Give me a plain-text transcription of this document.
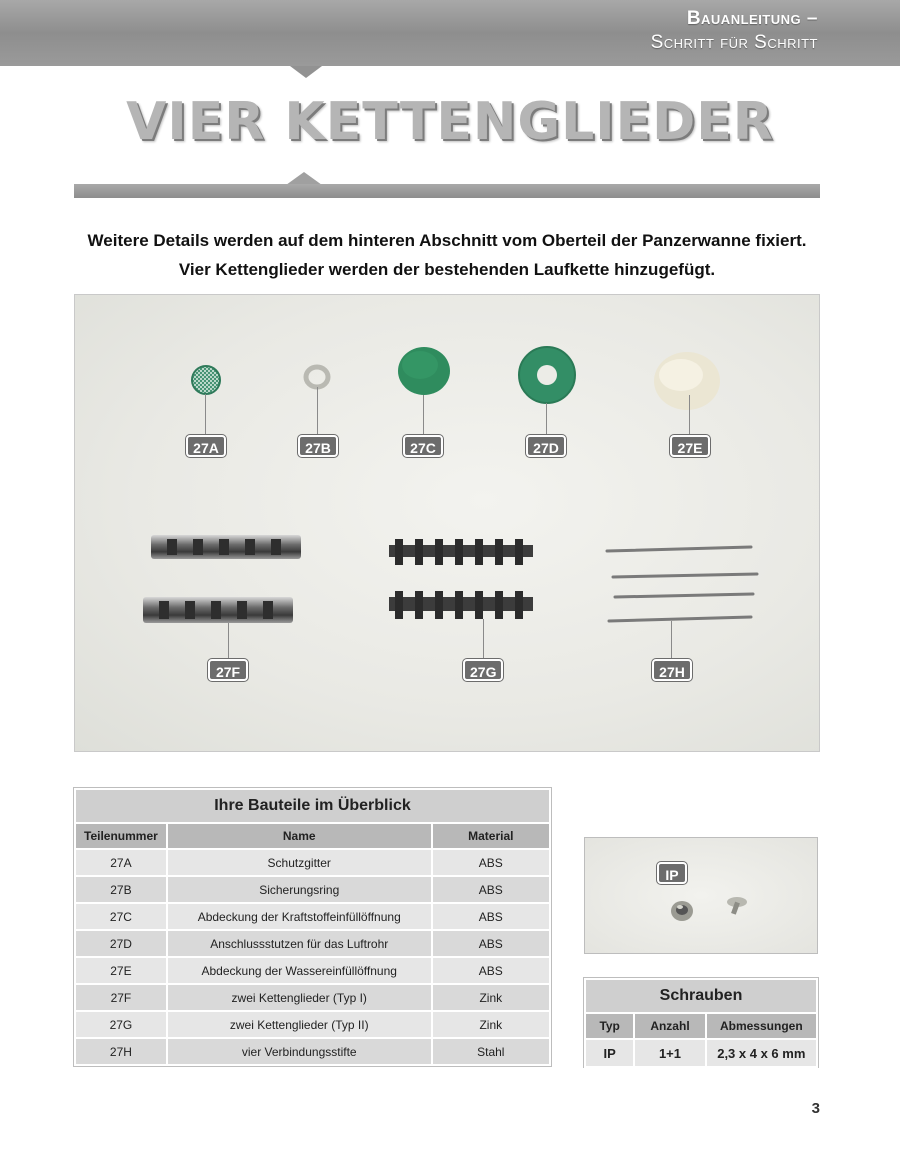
Bauanleitung –
Schritt für Schritt
VIER KETTENGLIEDER

Weitere Details werden auf dem hinteren Abschnitt vom Oberteil der Panzerwanne fixiert. Vier Kettenglieder werden der bestehenden Laufkette hinzugefügt.

27A	27B	27C	27D	27E
27F	27G	27H
Ihre Bauteile im Überblick		
Teilenummer	Name	Material
27A	Schutzgitter	ABS
27B	Sicherungsring	ABS
27C	Abdeckung der Kraftstoffeinfüllöffnung	ABS
27D	Anschlussstutzen für das Luftrohr	ABS
27E	Abdeckung der Wassereinfüllöffnung	ABS
27F	zwei Kettenglieder (Typ I)	Zink
27G	zwei Kettenglieder (Typ II)	Zink
27H	vier Verbindungsstifte	Stahl
IP
Schrauben		
Typ	Anzahl	Abmessungen
IP	1+1	2,3 x 4 x 6 mm
3
